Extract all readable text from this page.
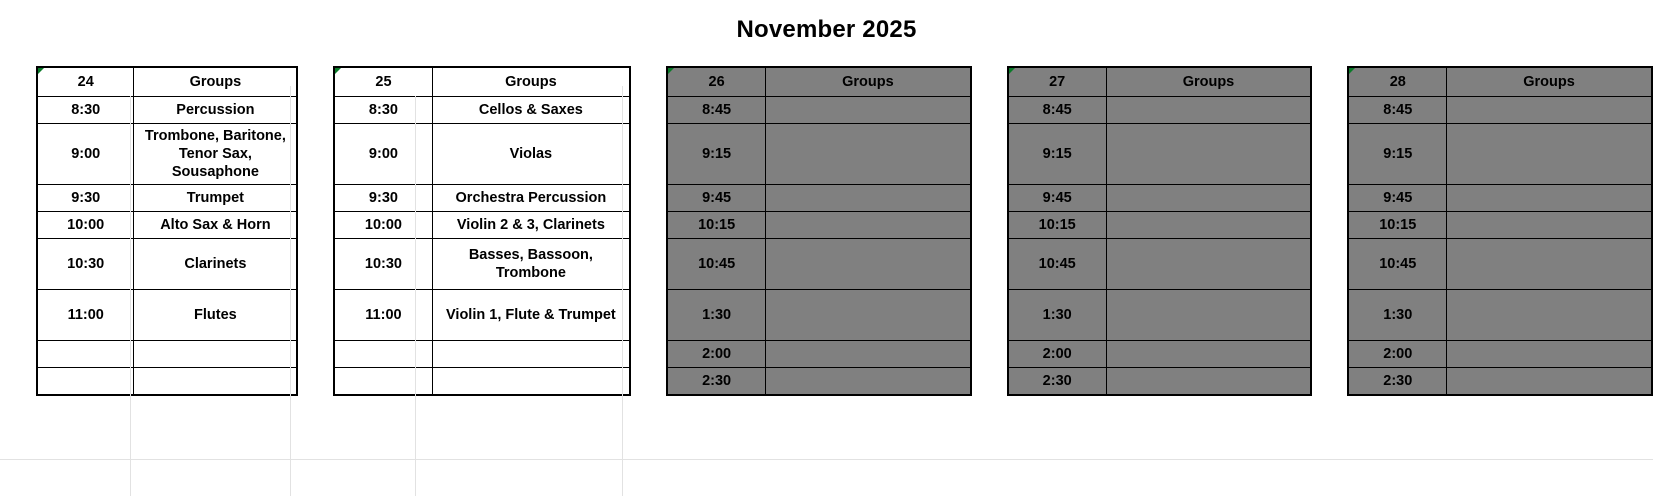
November 2025
24	Groups
8:30	Percussion
9:00	Trombone, Baritone, Tenor Sax, Sousaphone
9:30	Trumpet
10:00	Alto Sax & Horn
10:30	Clarinets
11:00	Flutes

25	Groups
8:30	Cellos & Saxes
9:00	Violas
9:30	Orchestra Percussion
10:00	Violin 2 & 3, Clarinets
10:30	Basses, Bassoon, Trombone
11:00	Violin 1, Flute & Trumpet

26	Groups
8:45	
9:15	
9:45	
10:15	
10:45	
1:30	
2:00	
2:30	
27	Groups
8:45	
9:15	
9:45	
10:15	
10:45	
1:30	
2:00	
2:30	
28	Groups
8:45	
9:15	
9:45	
10:15	
10:45	
1:30	
2:00	
2:30	
